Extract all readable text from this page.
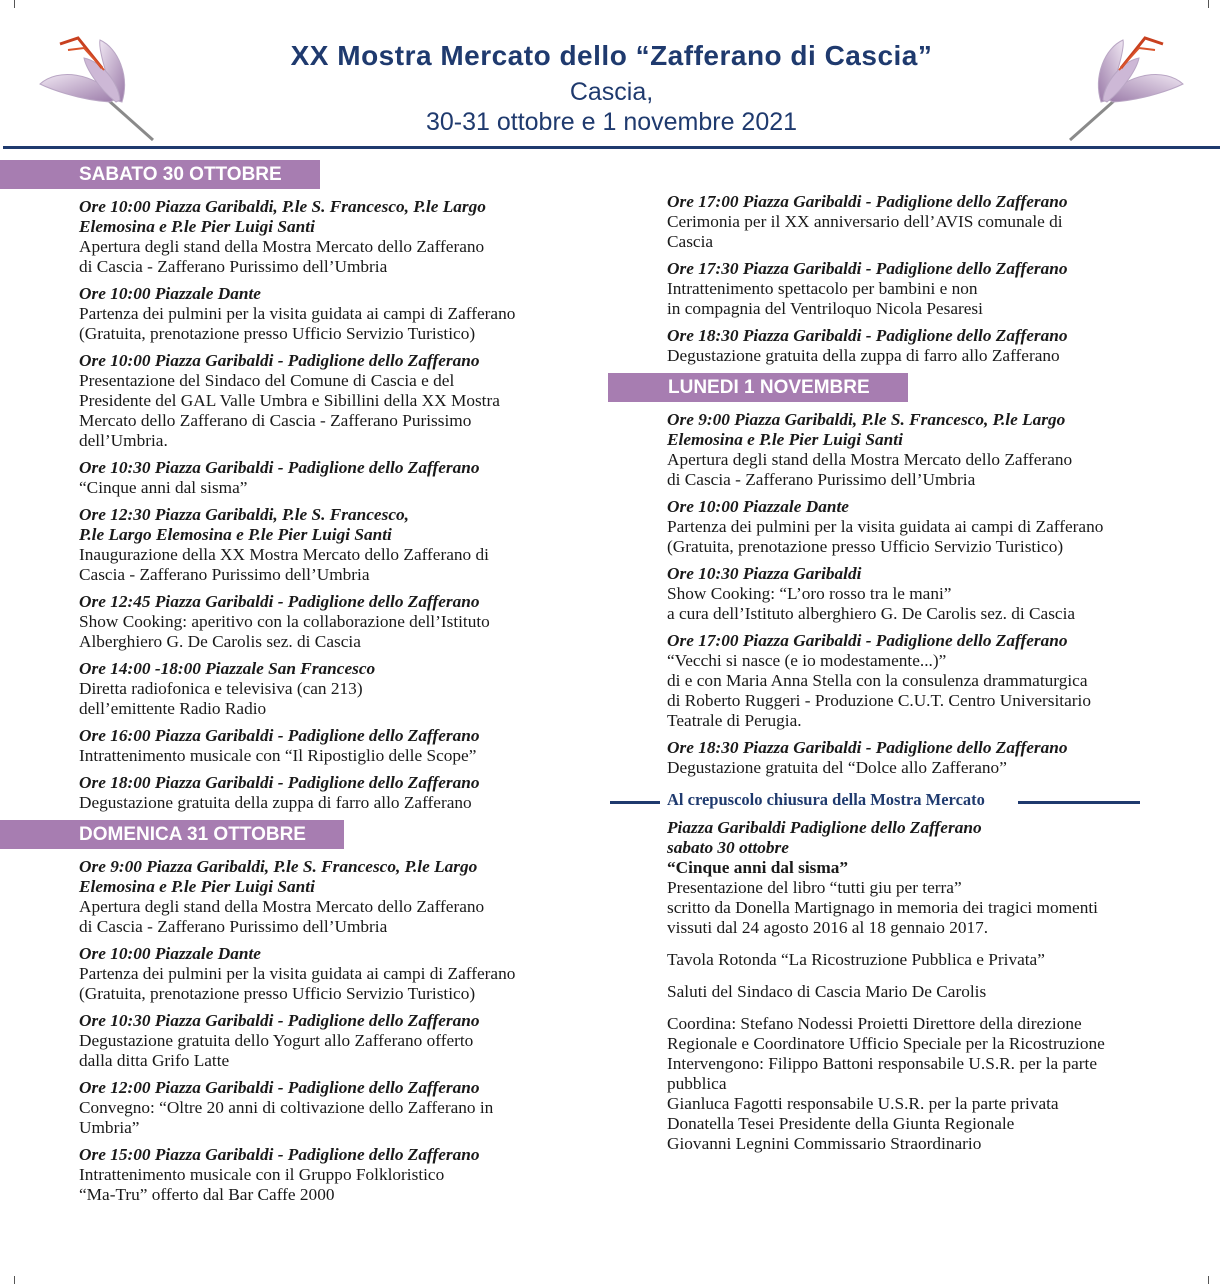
XX Mostra Mercato dello “Zafferano di Cascia”
Cascia,
30-31 ottobre e 1 novembre 2021
SABATO 30 OTTOBRE
Ore 10:00 Piazza Garibaldi, P.le S. Francesco, P.le Largo
Elemosina e P.le Pier Luigi Santi
Apertura degli stand della Mostra Mercato dello Zafferano
di Cascia - Zafferano Purissimo dell’Umbria
Ore 10:00 Piazzale Dante
Partenza dei pulmini per la visita guidata ai campi di Zafferano
(Gratuita, prenotazione presso Ufficio Servizio Turistico)
Ore 10:00 Piazza Garibaldi - Padiglione dello Zafferano
Presentazione del Sindaco del Comune di Cascia e del
Presidente del GAL Valle Umbra e Sibillini della XX Mostra
Mercato dello Zafferano di Cascia - Zafferano Purissimo
dell’Umbria.
Ore 10:30 Piazza Garibaldi - Padiglione dello Zafferano
“Cinque anni dal sisma”
Ore 12:30 Piazza Garibaldi, P.le S. Francesco,
P.le Largo Elemosina e P.le Pier Luigi Santi
Inaugurazione della XX Mostra Mercato dello Zafferano di
Cascia - Zafferano Purissimo dell’Umbria
Ore 12:45 Piazza Garibaldi - Padiglione dello Zafferano
Show Cooking: aperitivo con la collaborazione dell’Istituto
Alberghiero G. De Carolis sez. di Cascia
Ore 14:00 -18:00 Piazzale San Francesco
Diretta radiofonica e televisiva (can 213)
dell’emittente Radio Radio
Ore 16:00 Piazza Garibaldi - Padiglione dello Zafferano
Intrattenimento musicale con “Il Ripostiglio delle Scope”
Ore 18:00 Piazza Garibaldi - Padiglione dello Zafferano
Degustazione gratuita della zuppa di farro allo Zafferano
DOMENICA 31 OTTOBRE
Ore 9:00 Piazza Garibaldi, P.le S. Francesco, P.le Largo
Elemosina e P.le Pier Luigi Santi
Apertura degli stand della Mostra Mercato dello Zafferano
di Cascia - Zafferano Purissimo dell’Umbria
Ore 10:00 Piazzale Dante
Partenza dei pulmini per la visita guidata ai campi di Zafferano
(Gratuita, prenotazione presso Ufficio Servizio Turistico)
Ore 10:30 Piazza Garibaldi - Padiglione dello Zafferano
Degustazione gratuita dello Yogurt allo Zafferano offerto
dalla ditta Grifo Latte
Ore 12:00 Piazza Garibaldi - Padiglione dello Zafferano
Convegno: “Oltre 20 anni di coltivazione dello Zafferano in
Umbria”
Ore 15:00 Piazza Garibaldi - Padiglione dello Zafferano
Intrattenimento musicale con il Gruppo Folkloristico
“Ma-Tru” offerto dal Bar Caffe 2000
Ore 17:00 Piazza Garibaldi - Padiglione dello Zafferano
Cerimonia per il XX anniversario dell’AVIS comunale di
Cascia
Ore 17:30 Piazza Garibaldi - Padiglione dello Zafferano
Intrattenimento spettacolo per bambini e non
in compagnia del Ventriloquo Nicola Pesaresi
Ore 18:30 Piazza Garibaldi - Padiglione dello Zafferano
Degustazione gratuita della zuppa di farro allo Zafferano
LUNEDI 1 NOVEMBRE
Ore 9:00 Piazza Garibaldi, P.le S. Francesco, P.le Largo
Elemosina e P.le Pier Luigi Santi
Apertura degli stand della Mostra Mercato dello Zafferano
di Cascia - Zafferano Purissimo dell’Umbria
Ore 10:00 Piazzale Dante
Partenza dei pulmini per la visita guidata ai campi di Zafferano
(Gratuita, prenotazione presso Ufficio Servizio Turistico)
Ore 10:30 Piazza Garibaldi
Show Cooking: “L’oro rosso tra le mani”
a cura dell’Istituto alberghiero G. De Carolis sez. di Cascia
Ore 17:00 Piazza Garibaldi - Padiglione dello Zafferano
“Vecchi si nasce (e io modestamente...)”
di e con Maria Anna Stella con la consulenza drammaturgica
di Roberto Ruggeri - Produzione C.U.T. Centro Universitario
Teatrale di Perugia.
Ore 18:30 Piazza Garibaldi - Padiglione dello Zafferano
Degustazione gratuita del “Dolce allo Zafferano”
Al crepuscolo chiusura della Mostra Mercato
Piazza Garibaldi Padiglione dello Zafferano
sabato 30 ottobre
“Cinque anni dal sisma”

Presentazione del libro “tutti giu per terra”
scritto da Donella Martignago in memoria dei tragici momenti
vissuti dal 24 agosto 2016 al 18 gennaio 2017.

Tavola Rotonda “La Ricostruzione Pubblica e Privata”

Saluti del Sindaco di Cascia Mario De Carolis

Coordina: Stefano Nodessi Proietti Direttore della direzione
Regionale e Coordinatore Ufficio Speciale per la Ricostruzione
Intervengono: Filippo Battoni responsabile U.S.R. per la parte
pubblica
Gianluca Fagotti responsabile U.S.R. per la parte privata
Donatella Tesei Presidente della Giunta Regionale
Giovanni Legnini Commissario Straordinario
